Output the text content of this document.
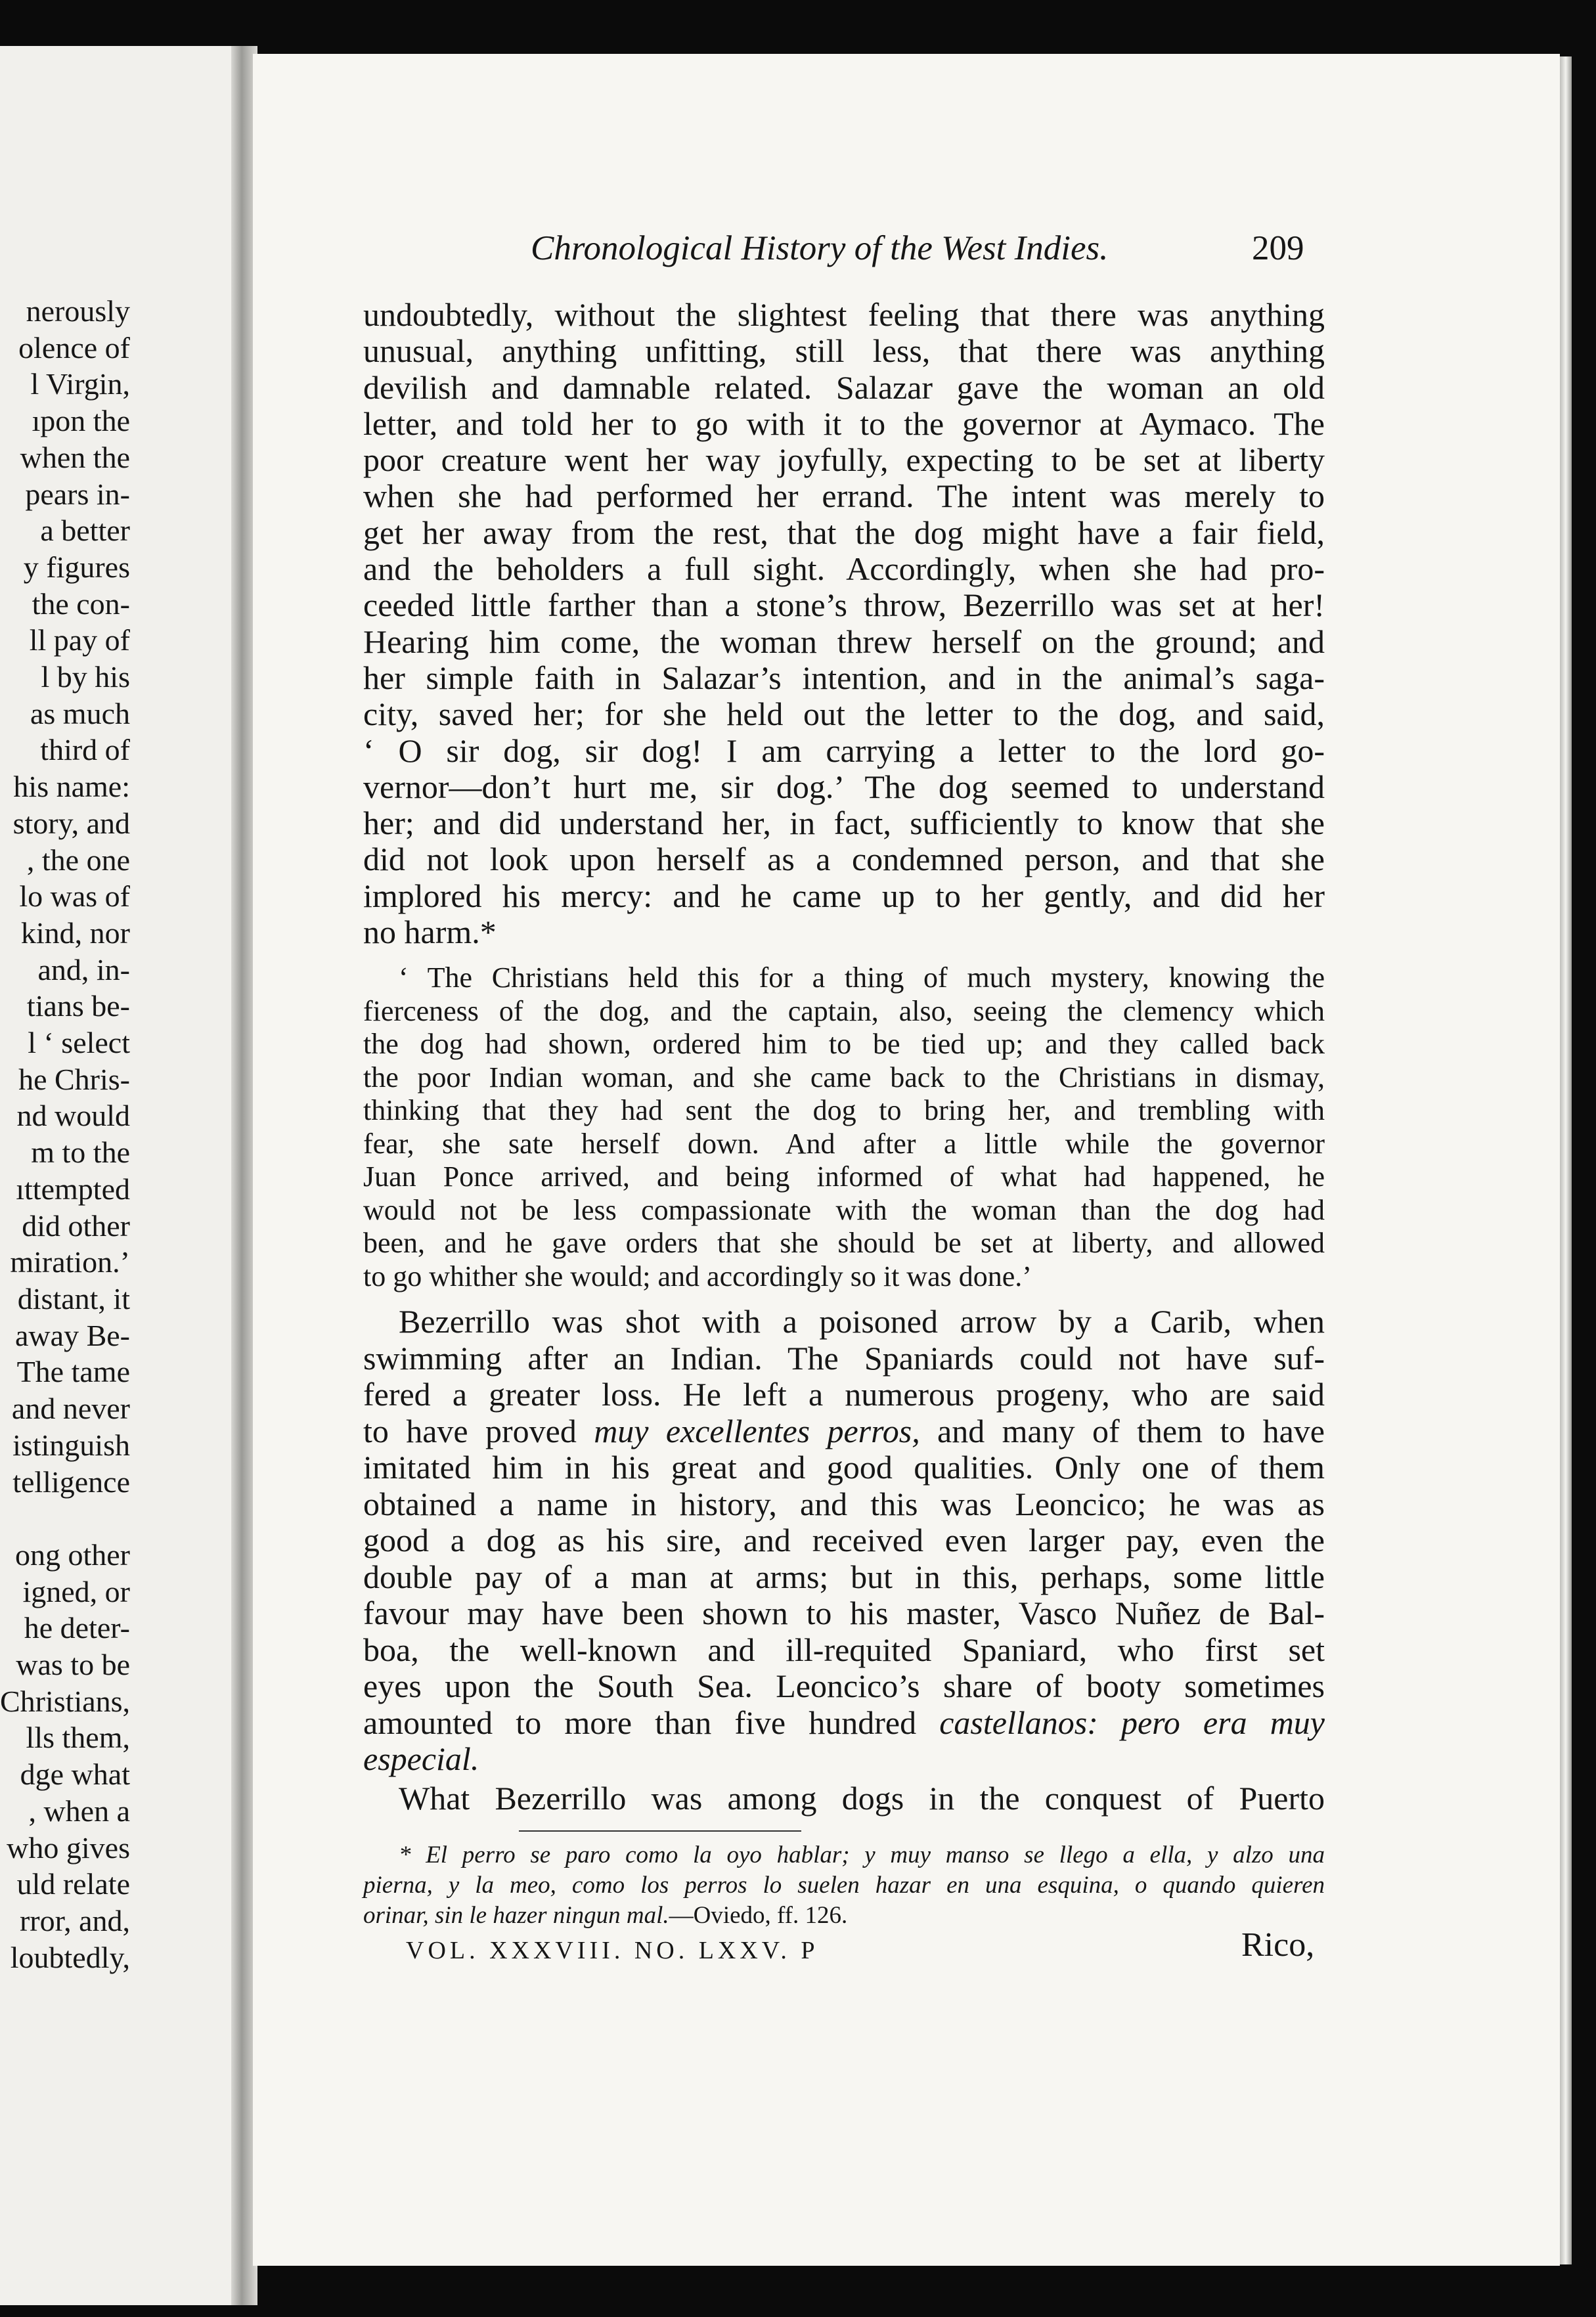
nerously
olence of
l Virgin,
ıpon the
when the
pears in-
a better
y figures
the con-
ll pay of
l by his
as much
third of
his name:
story, and
, the one
lo was of
kind, nor
and, in-
tians be-
l ‘ select
he Chris-
nd would
m to the
ıttempted
did other
miration.’
distant, it
away Be-
The tame
and never
istinguish
telligence

ong other
igned, or
he deter-
was to be
Christians,
lls them,
dge what
, when a
who gives
uld relate
rror, and,
loubtedly,
Chronological History of the West Indies.	209
undoubtedly, without the slightest feeling that there was anything
unusual, anything unfitting, still less, that there was anything
devilish and damnable related. Salazar gave the woman an old
letter, and told her to go with it to the governor at Aymaco. The
poor creature went her way joyfully, expecting to be set at liberty
when she had performed her errand. The intent was merely to
get her away from the rest, that the dog might have a fair field,
and the beholders a full sight. Accordingly, when she had pro-
ceeded little farther than a stone’s throw, Bezerrillo was set at her!
Hearing him come, the woman threw herself on the ground; and
her simple faith in Salazar’s intention, and in the animal’s saga-
city, saved her; for she held out the letter to the dog, and said,
‘ O sir dog, sir dog! I am carrying a letter to the lord go-
vernor—don’t hurt me, sir dog.’ The dog seemed to understand
her; and did understand her, in fact, sufficiently to know that she
did not look upon herself as a condemned person, and that she
implored his mercy: and he came up to her gently, and did her
no harm.*
‘ The Christians held this for a thing of much mystery, knowing the
fierceness of the dog, and the captain, also, seeing the clemency which
the dog had shown, ordered him to be tied up; and they called back
the poor Indian woman, and she came back to the Christians in dismay,
thinking that they had sent the dog to bring her, and trembling with
fear, she sate herself down. And after a little while the governor
Juan Ponce arrived, and being informed of what had happened, he
would not be less compassionate with the woman than the dog had
been, and he gave orders that she should be set at liberty, and allowed
to go whither she would; and accordingly so it was done.’
Bezerrillo was shot with a poisoned arrow by a Carib, when
swimming after an Indian. The Spaniards could not have suf-
fered a greater loss. He left a numerous progeny, who are said
to have proved muy excellentes perros, and many of them to have
imitated him in his great and good qualities. Only one of them
obtained a name in history, and this was Leoncico; he was as
good a dog as his sire, and received even larger pay, even the
double pay of a man at arms; but in this, perhaps, some little
favour may have been shown to his master, Vasco Nuñez de Bal-
boa, the well-known and ill-requited Spaniard, who first set
eyes upon the South Sea. Leoncico’s share of booty sometimes
amounted to more than five hundred castellanos: pero era muy
especial.
What Bezerrillo was among dogs in the conquest of Puerto
* El perro se paro como la oyo hablar; y muy manso se llego a ella, y alzo una
pierna, y la meo, como los perros lo suelen hazar en una esquina, o quando quieren
orinar, sin le hazer ningun mal.—Oviedo, ff. 126.
VOL. XXXVIII. NO. LXXV. P	Rico,
